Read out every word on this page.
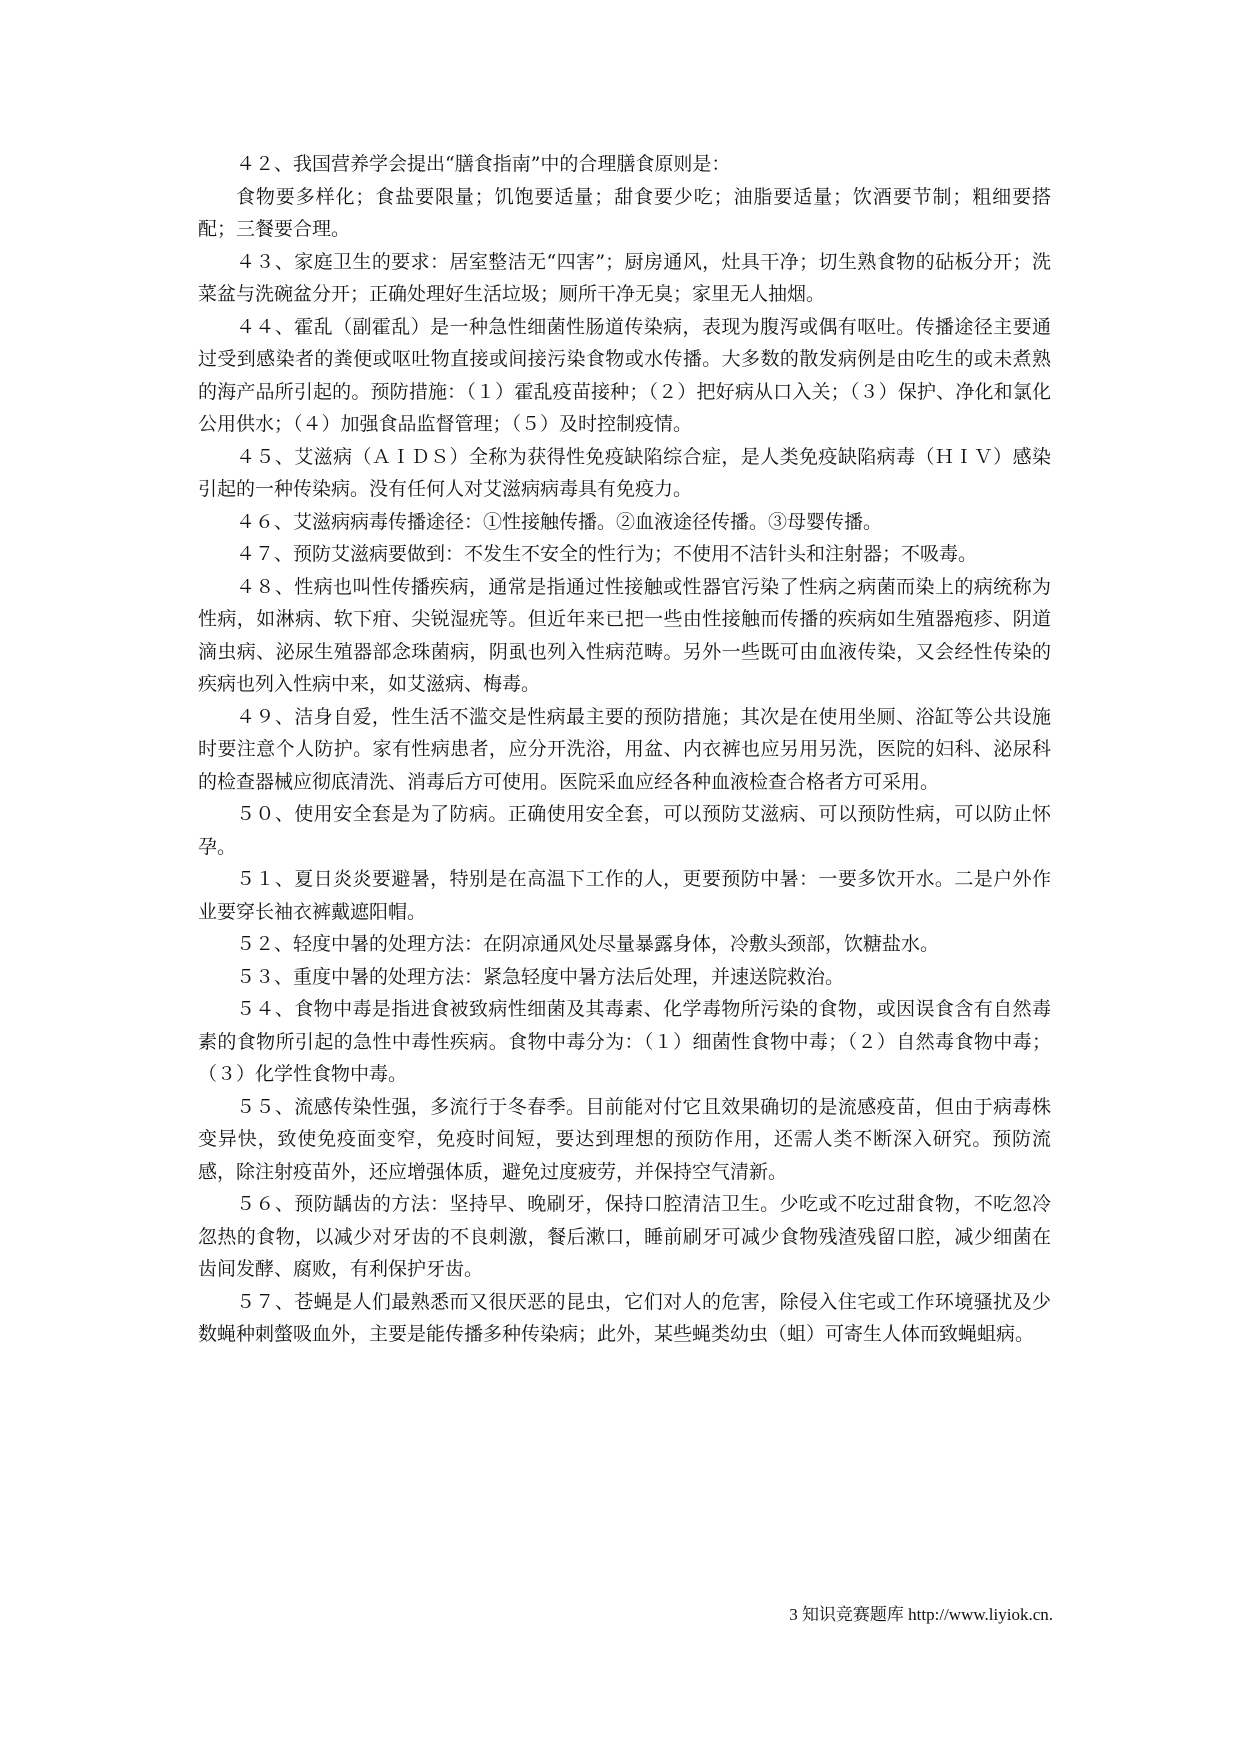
４２、我国营养学会提出“膳食指南”中的合理膳食原则是：

食物要多样化；食盐要限量；饥饱要适量；甜食要少吃；油脂要适量；饮酒要节制；粗细要搭配；三餐要合理。

４３、家庭卫生的要求：居室整洁无“四害”；厨房通风，灶具干净；切生熟食物的砧板分开；洗菜盆与洗碗盆分开；正确处理好生活垃圾；厕所干净无臭；家里无人抽烟。

４４、霍乱（副霍乱）是一种急性细菌性肠道传染病，表现为腹泻或偶有呕吐。传播途径主要通过受到感染者的粪便或呕吐物直接或间接污染食物或水传播。大多数的散发病例是由吃生的或未煮熟的海产品所引起的。预防措施：（１）霍乱疫苗接种；（２）把好病从口入关；（３）保护、净化和氯化公用供水；（４）加强食品监督管理；（５）及时控制疫情。

４５、艾滋病（ＡＩＤＳ）全称为获得性免疫缺陷综合症，是人类免疫缺陷病毒（ＨＩＶ）感染引起的一种传染病。没有任何人对艾滋病病毒具有免疫力。

４６、艾滋病病毒传播途径：①性接触传播。②血液途径传播。③母婴传播。

４７、预防艾滋病要做到：不发生不安全的性行为；不使用不洁针头和注射器；不吸毒。

４８、性病也叫性传播疾病，通常是指通过性接触或性器官污染了性病之病菌而染上的病统称为性病，如淋病、软下疳、尖锐湿疣等。但近年来已把一些由性接触而传播的疾病如生殖器疱疹、阴道滴虫病、泌尿生殖器部念珠菌病，阴虱也列入性病范畴。另外一些既可由血液传染，又会经性传染的疾病也列入性病中来，如艾滋病、梅毒。

４９、洁身自爱，性生活不滥交是性病最主要的预防措施；其次是在使用坐厕、浴缸等公共设施时要注意个人防护。家有性病患者，应分开洗浴，用盆、内衣裤也应另用另洗，医院的妇科、泌尿科的检查器械应彻底清洗、消毒后方可使用。医院采血应经各种血液检查合格者方可采用。

５０、使用安全套是为了防病。正确使用安全套，可以预防艾滋病、可以预防性病，可以防止怀孕。

５１、夏日炎炎要避暑，特别是在高温下工作的人，更要预防中暑：一要多饮开水。二是户外作业要穿长袖衣裤戴遮阳帽。

５２、轻度中暑的处理方法：在阴凉通风处尽量暴露身体，冷敷头颈部，饮糖盐水。

５３、重度中暑的处理方法：紧急轻度中暑方法后处理，并速送院救治。

５４、食物中毒是指进食被致病性细菌及其毒素、化学毒物所污染的食物，或因误食含有自然毒素的食物所引起的急性中毒性疾病。食物中毒分为：（１）细菌性食物中毒；（２）自然毒食物中毒；（３）化学性食物中毒。

５５、流感传染性强，多流行于冬春季。目前能对付它且效果确切的是流感疫苗，但由于病毒株变异快，致使免疫面变窄，免疫时间短，要达到理想的预防作用，还需人类不断深入研究。预防流感，除注射疫苗外，还应增强体质，避免过度疲劳，并保持空气清新。

５６、预防龋齿的方法：坚持早、晚刷牙，保持口腔清洁卫生。少吃或不吃过甜食物，不吃忽冷忽热的食物，以减少对牙齿的不良刺激，餐后漱口，睡前刷牙可减少食物残渣残留口腔，减少细菌在齿间发酵、腐败，有利保护牙齿。

５７、苍蝇是人们最熟悉而又很厌恶的昆虫，它们对人的危害，除侵入住宅或工作环境骚扰及少数蝇种刺螫吸血外，主要是能传播多种传染病；此外，某些蝇类幼虫（蛆）可寄生人体而致蝇蛆病。

3 知识竞赛题库 http://www.liyiok.cn.
